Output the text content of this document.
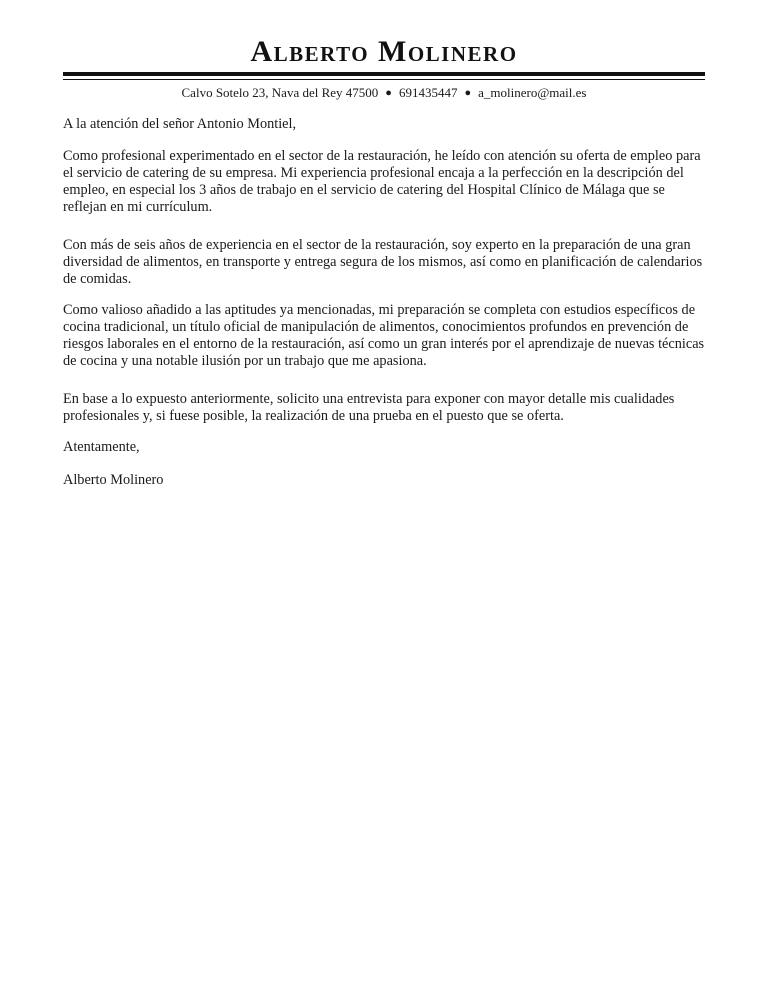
Alberto Molinero
Calvo Sotelo 23, Nava del Rey 47500 ● 691435447 ● a_molinero@mail.es

A la atención del señor Antonio Montiel,

Como profesional experimentado en el sector de la restauración, he leído con atención su oferta de empleo para el servicio de catering de su empresa. Mi experiencia profesional encaja a la perfección en la descripción del empleo, en especial los 3 años de trabajo en el servicio de catering del Hospital Clínico de Málaga que se reflejan en mi currículum.

Con más de seis años de experiencia en el sector de la restauración, soy experto en la preparación de una gran diversidad de alimentos, en transporte y entrega segura de los mismos, así como en planificación de calendarios de comidas.

Como valioso añadido a las aptitudes ya mencionadas, mi preparación se completa con estudios específicos de cocina tradicional, un título oficial de manipulación de alimentos, conocimientos profundos en prevención de riesgos laborales en el entorno de la restauración, así como un gran interés por el aprendizaje de nuevas técnicas de cocina y una notable ilusión por un trabajo que me apasiona.

En base a lo expuesto anteriormente, solicito una entrevista para exponer con mayor detalle mis cualidades profesionales y, si fuese posible, la realización de una prueba en el puesto que se oferta.

Atentamente,

Alberto Molinero
